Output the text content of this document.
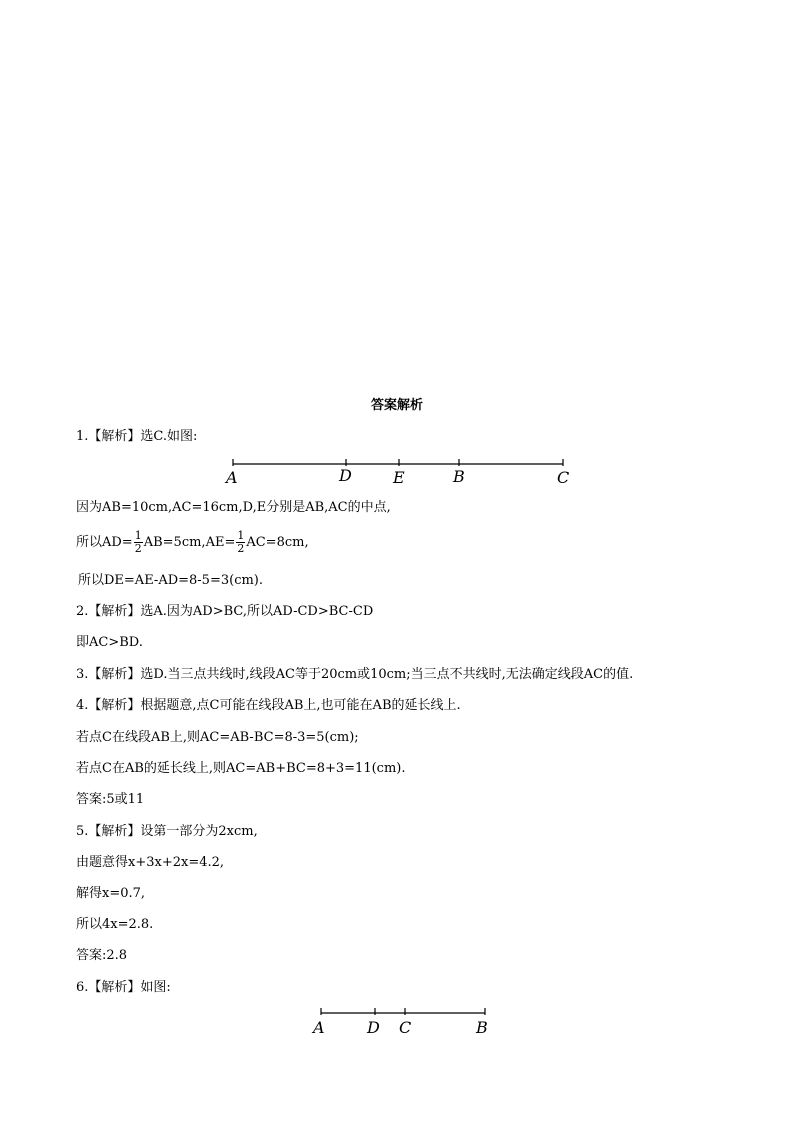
答案解析
1.【解析】选C.如图:
A	D	E	B	C
A	D C	B
因为AB=10cm,AC=16cm,D,E分别是AB,AC的中点,
所以$AD= \frac{1}{2} AB=5cm,AE= \frac{1}{2} AC=8cm$,
所以DE=AE-AD=8-5=3(cm).
2.【解析】选A.因为AD>BC,所以AD-CD>BC-CD
即AC>BD.
3.【解析】选D.当三点共线时,线段AC等于20cm或10cm;当三点不共线时,无法确定线段AC的值.
4.【解析】根据题意,点C可能在线段AB上,也可能在AB的延长线上.
若点C在线段AB上,则AC=AB-BC=8-3=5(cm);
若点C在AB的延长线上,则AC=AB+BC=8+3=11(cm).
答案:5或11
5.【解析】设第一部分为2xcm,
由题意得x+3x+2x=4.2,
解得x=0.7,
所以4x=2.8.
答案:2.8
6.【解析】如图:
